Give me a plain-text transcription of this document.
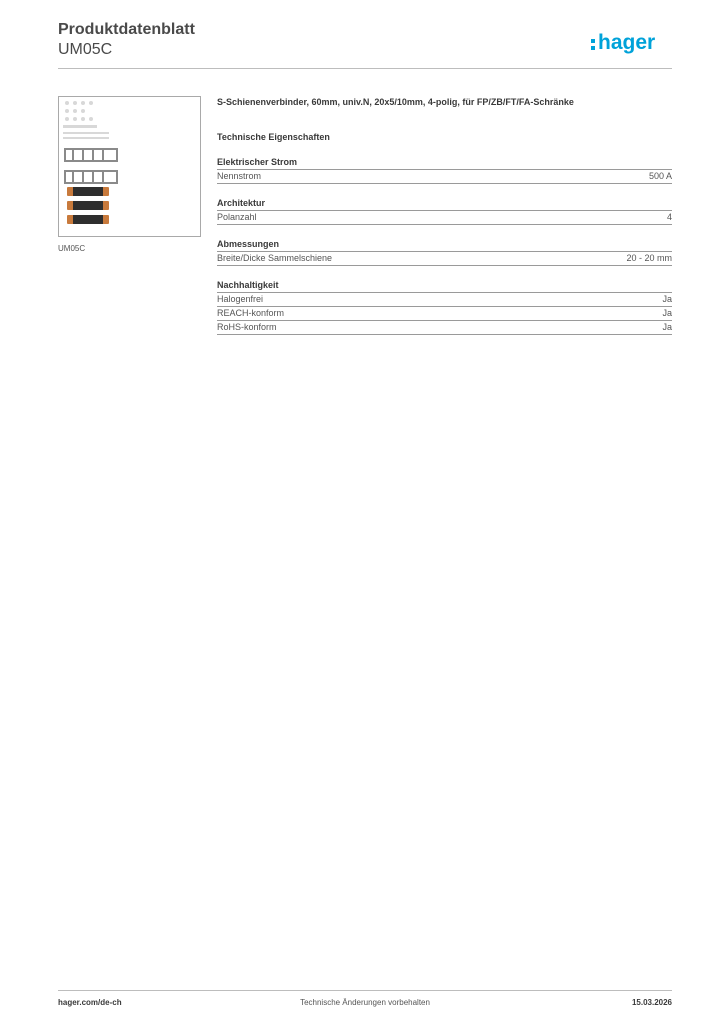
Produktdatenblatt
UM05C	hager
UM05C
S-Schienenverbinder, 60mm, univ.N, 20x5/10mm, 4-polig, für FP/ZB/FT/FA-Schränke
Technische Eigenschaften
Elektrischer Strom
Nennstrom	500 A
Architektur
Polanzahl	4
Abmessungen
Breite/Dicke Sammelschiene	20 - 20 mm
Nachhaltigkeit
Halogenfrei	Ja
REACH-konform	Ja
RoHS-konform	Ja
hager.com/de-ch	Technische Änderungen vorbehalten	15.03.2026
